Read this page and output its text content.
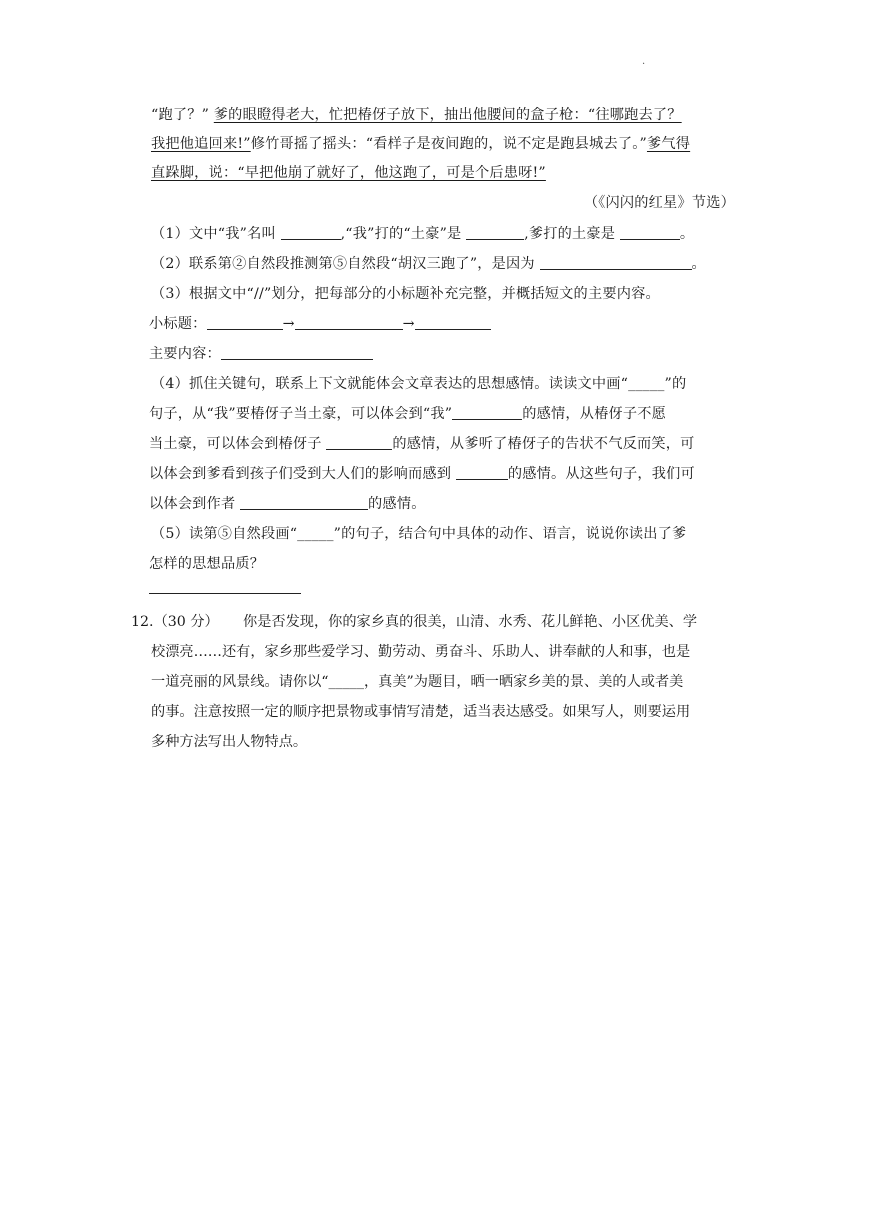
.
“跑了？” 爹的眼瞪得老大，忙把椿伢子放下，抽出他腰间的盒子枪：“往哪跑去了？
我把他追回来!”修竹哥摇了摇头：“看样子是夜间跑的，说不定是跑县城去了。”爹气得
直跺脚，说：“早把他崩了就好了，他这跑了，可是个后患呀!”
（《闪闪的红星》节选）
（1）文中“我”名叫	,“我”打的“土豪”是	,爹打的土豪是	。
（2）联系第②自然段推测第⑤自然段“胡汉三跑了”，是因为	。
（3）根据文中“//”划分，把每部分的小标题补充完整，并概括短文的主要内容。
小标题：	→	→
主要内容：
（4）抓住关键句，联系上下文就能体会文章表达的思想感情。读读文中画“_____”的
句子，从“我”要椿伢子当土豪，可以体会到“我”	的感情，从椿伢子不愿
当土豪，可以体会到椿伢子	的感情，从爹听了椿伢子的告状不气反而笑，可
以体会到爹看到孩子们受到大人们的影响而感到	的感情。从这些句子，我们可
以体会到作者	的感情。
（5）读第⑤自然段画“_____”的句子，结合句中具体的动作、语言，说说你读出了爹
怎样的思想品质？
12.（30 分） 你是否发现，你的家乡真的很美，山清、水秀、花儿鲜艳、小区优美、学
校漂亮……还有，家乡那些爱学习、勤劳动、勇奋斗、乐助人、讲奉献的人和事，也是
一道亮丽的风景线。请你以“_____，真美”为题目，晒一晒家乡美的景、美的人或者美
的事。注意按照一定的顺序把景物或事情写清楚，适当表达感受。如果写人，则要运用
多种方法写出人物特点。
